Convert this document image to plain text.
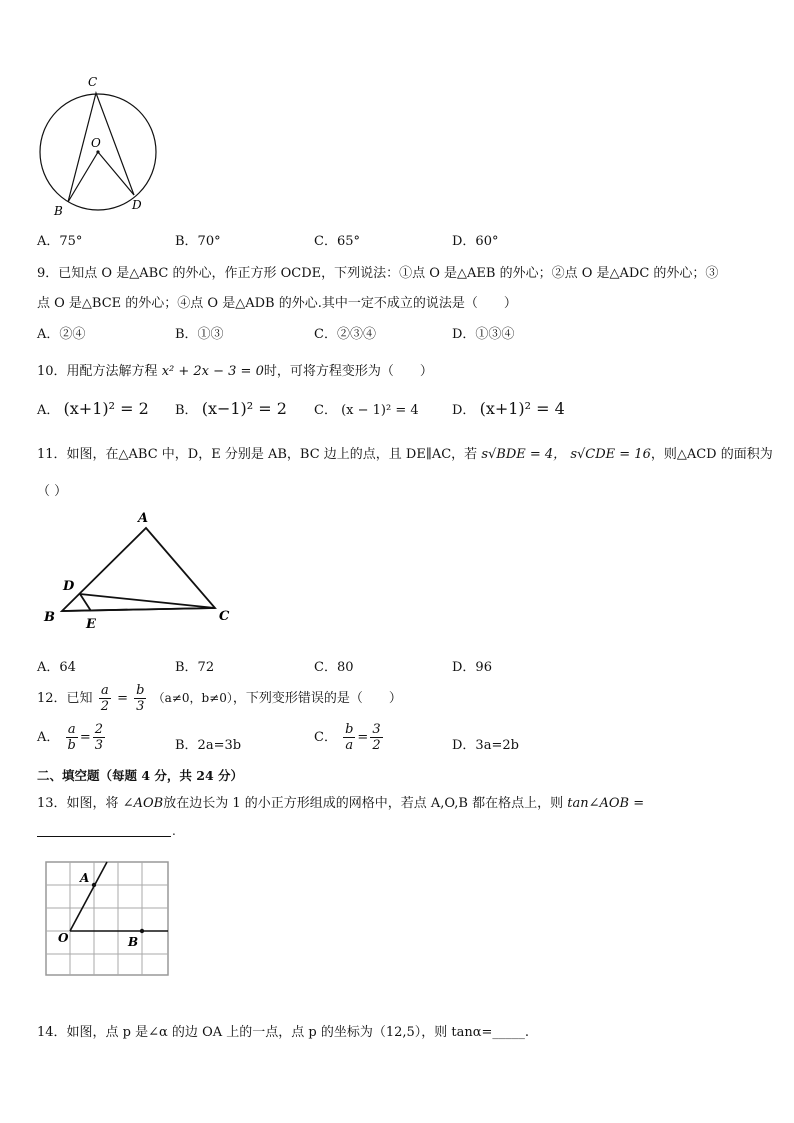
C
O
B	D
A．75°	B．70°	C．65°	D．60°
9．已知点 O 是△ABC 的外心，作正方形 OCDE，下列说法：①点 O 是△AEB 的外心；②点 O 是△ADC 的外心；③
点 O 是△BCE 的外心；④点 O 是△ADB 的外心.其中一定不成立的说法是（　　）
A．②④	B．①③	C．②③④	D．①③④
10．用配方法解方程 x² + 2x − 3 = 0时，可将方程变形为（　　）
A． (x+1)² = 2 B． (x−1)² = 2 C． (x − 1)² = 4	D． (x+1)² = 4
11．如图，在△ABC 中，D，E 分别是 AB，BC 边上的点，且 DE∥AC，若 s√BDE = 4， s√CDE = 16，则△ACD 的面积为
（ ）
A
D
B E
C
A．64	B．72	C．80	D．96
12．已知 $\frac{a}{2} = \frac{b}{3} (a\ne 0$，b≠0），下列变形错误的是（　　）
A． $\frac{a}{b} = \frac{2}{3}$	B．2a=3b
C． $\frac{b}{a} = \frac{3}{2}$	D．3a=2b
二、填空题（每题 4 分，共 24 分）
13．如图，将 ∠AOB放在边长为 1 的小正方形组成的网格中，若点 A,O,B 都在格点上，则 tan∠AOB =
.
A
O	B
14．如图，点 p 是∠α 的边 OA 上的一点，点 p 的坐标为（12,5），则 tanα=_____.
